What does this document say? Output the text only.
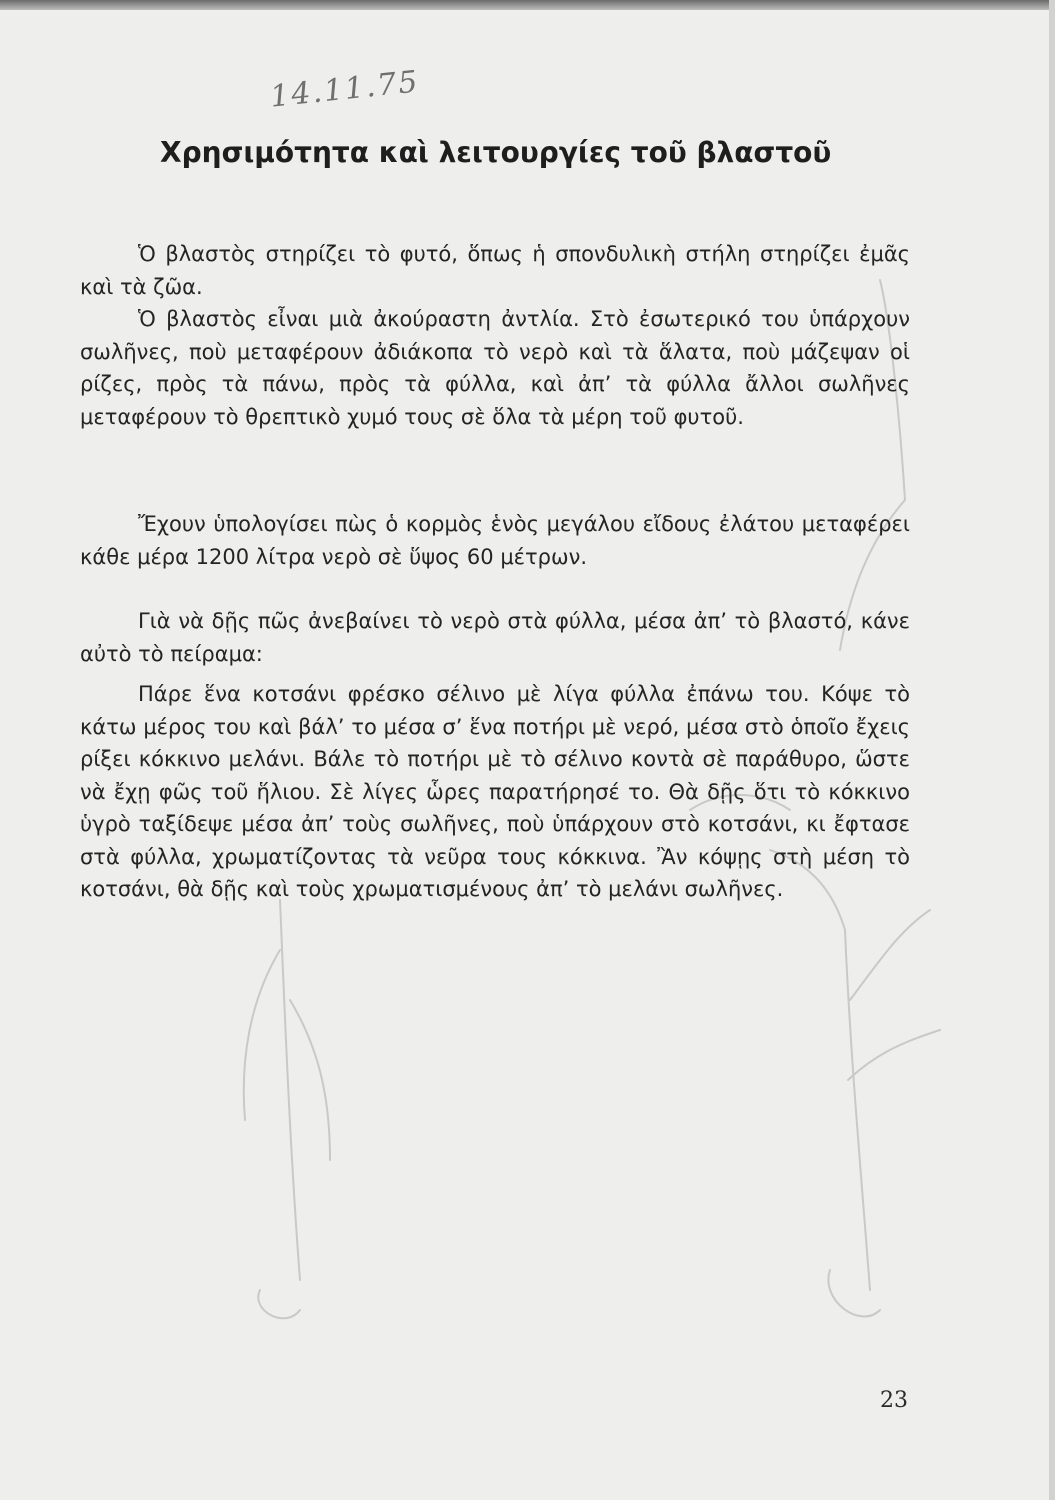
14.11.75
Χρησιμότητα καὶ λειτουργίες τοῦ βλαστοῦ

Ὁ βλαστὸς στηρίζει τὸ φυτό, ὅπως ἡ σπονδυλικὴ στήλη στηρίζει ἐμᾶς καὶ τὰ ζῶα.

Ὁ βλαστὸς εἶναι μιὰ ἀκούραστη ἀντλία. Στὸ ἐσωτερικό του ὑπάρχουν σωλῆνες, ποὺ μεταφέρουν ἀδιάκοπα τὸ νερὸ καὶ τὰ ἅλατα, ποὺ μάζεψαν οἱ ρίζες, πρὸς τὰ πάνω, πρὸς τὰ φύλλα, καὶ ἀπ’ τὰ φύλλα ἄλλοι σωλῆνες μεταφέρουν τὸ θρεπτικὸ χυμό τους σὲ ὅλα τὰ μέρη τοῦ φυτοῦ.

Ἔχουν ὑπολογίσει πὼς ὁ κορμὸς ἑνὸς μεγάλου εἴδους ἐλάτου μεταφέρει κάθε μέρα 1200 λίτρα νερὸ σὲ ὕψος 60 μέτρων.

Γιὰ νὰ δῇς πῶς ἀνεβαίνει τὸ νερὸ στὰ φύλλα, μέσα ἀπ’ τὸ βλαστό, κάνε αὐτὸ τὸ πείραμα:

Πάρε ἕνα κοτσάνι φρέσκο σέλινο μὲ λίγα φύλλα ἐπάνω του. Κόψε τὸ κάτω μέρος του καὶ βάλ’ το μέσα σ’ ἕνα ποτήρι μὲ νερό, μέσα στὸ ὁποῖο ἔχεις ρίξει κόκκινο μελάνι. Βάλε τὸ ποτήρι μὲ τὸ σέλινο κοντὰ σὲ παράθυρο, ὥστε νὰ ἔχῃ φῶς τοῦ ἥλιου. Σὲ λίγες ὧρες παρατήρησέ το. Θὰ δῇς ὅτι τὸ κόκκινο ὑγρὸ ταξίδεψε μέσα ἀπ’ τοὺς σωλῆνες, ποὺ ὑπάρχουν στὸ κοτσάνι, κι ἔφτασε στὰ φύλλα, χρωματίζοντας τὰ νεῦρα τους κόκκινα. Ἂν κόψῃς στὴ μέση τὸ κοτσάνι, θὰ δῇς καὶ τοὺς χρωματισμένους ἀπ’ τὸ μελάνι σωλῆνες.

23
